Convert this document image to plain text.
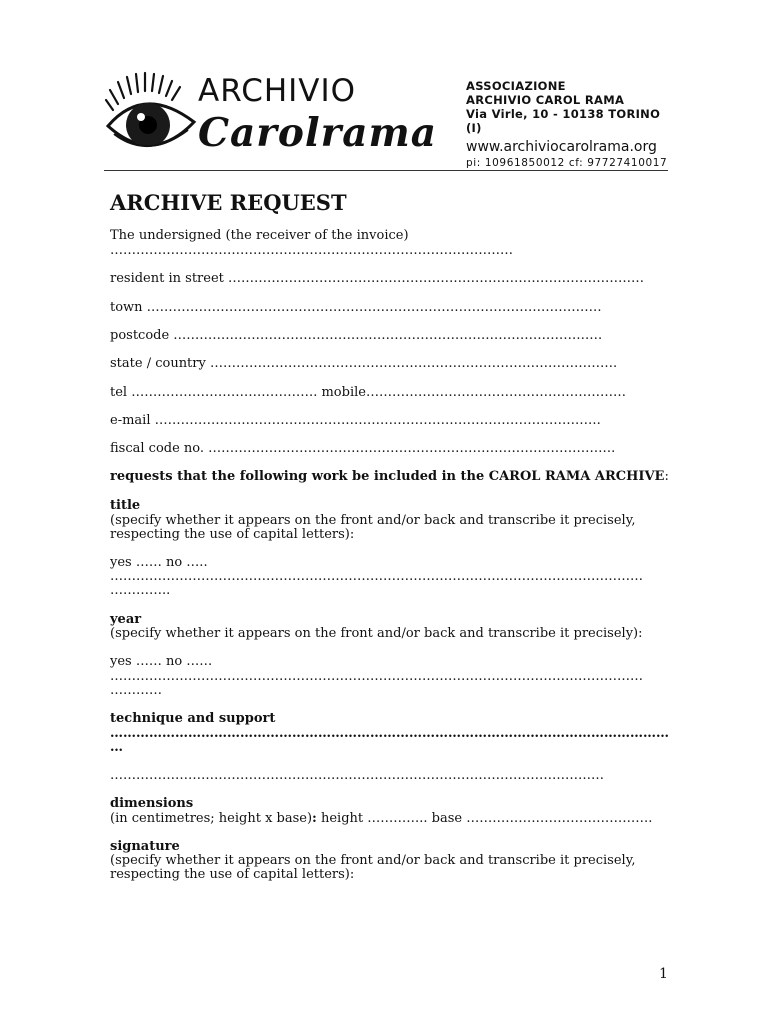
ARCHIVIO
Carolrama
ASSOCIAZIONE
ARCHIVIO CAROL RAMA
Via Virle, 10 - 10138 TORINO (I)
www.archiviocarolrama.org
pi: 10961850012 cf: 97727410017
ARCHIVE REQUEST
The undersigned (the receiver of the invoice)
…………………………………………………………………………………
resident in street ……………………………………………………………………………………
town ……………………………………………………………………………………………
postcode ………………………………………………………………………………………
state / country ………………………………………………………………………………….
tel ……………………………………. mobile……………………………………………………
e-mail ………………………………………………………………………………………….
fiscal code no. ………………………………………………………………………………….
requests that the following work be included in the CAROL RAMA ARCHIVE:
title
(specify whether it appears on the front and/or back and transcribe it precisely,
respecting the use of capital letters):
yes …… no …..
……………………………………………………………………………………………………………
…………..
year
(specify whether it appears on the front and/or back and transcribe it precisely):
yes …… no ……
……………………………………………………………………………………………………………
…………
technique and support
…………………………………………………………………………………………………………………
…
……………………………………………………………………………………………………
dimensions
(in centimetres; height x base): height ………….. base …………………………………….
signature
(specify whether it appears on the front and/or back and transcribe it precisely,
respecting the use of capital letters):
1
